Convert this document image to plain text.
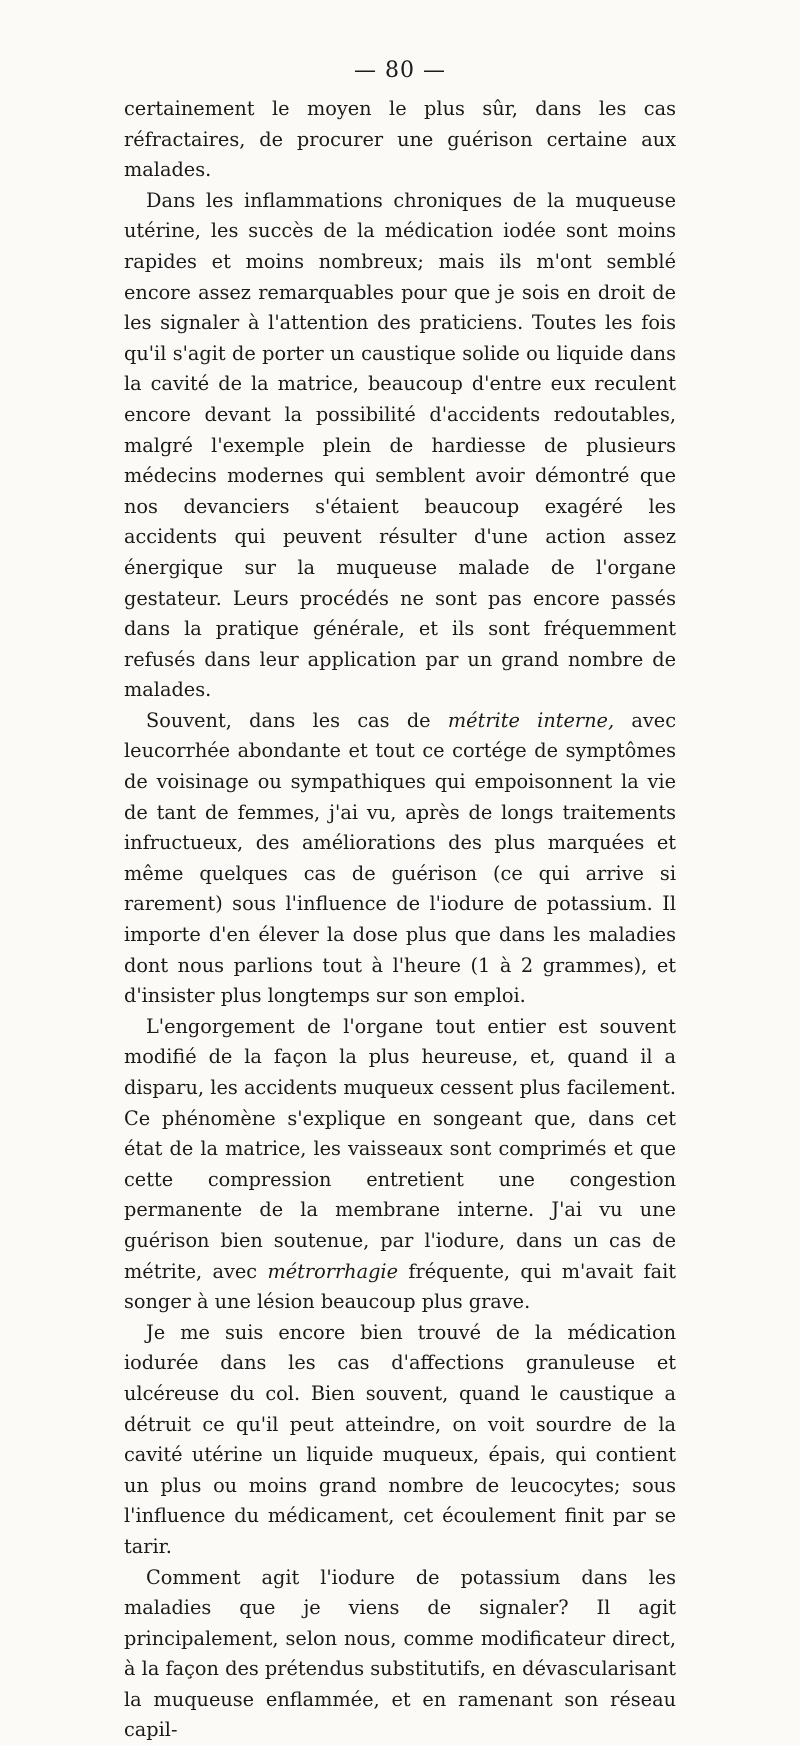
— 80 —

certainement le moyen le plus sûr, dans les cas réfractaires, de procurer une guérison certaine aux malades.

Dans les inflammations chroniques de la muqueuse utérine, les succès de la médication iodée sont moins rapides et moins nombreux; mais ils m'ont semblé encore assez remarquables pour que je sois en droit de les signaler à l'attention des praticiens. Toutes les fois qu'il s'agit de porter un caustique solide ou liquide dans la cavité de la matrice, beaucoup d'entre eux reculent encore devant la possibilité d'accidents redoutables, malgré l'exemple plein de hardiesse de plusieurs médecins modernes qui semblent avoir démontré que nos devanciers s'étaient beaucoup exagéré les accidents qui peuvent résulter d'une action assez énergique sur la muqueuse malade de l'organe gestateur. Leurs procédés ne sont pas encore passés dans la pratique générale, et ils sont fréquemment refusés dans leur application par un grand nombre de malades.

Souvent, dans les cas de métrite interne, avec leucorrhée abondante et tout ce cortége de symptômes de voisinage ou sympathiques qui empoisonnent la vie de tant de femmes, j'ai vu, après de longs traitements infructueux, des améliorations des plus marquées et même quelques cas de guérison (ce qui arrive si rarement) sous l'influence de l'iodure de potassium. Il importe d'en élever la dose plus que dans les maladies dont nous parlions tout à l'heure (1 à 2 grammes), et d'insister plus longtemps sur son emploi.

L'engorgement de l'organe tout entier est souvent modifié de la façon la plus heureuse, et, quand il a disparu, les accidents muqueux cessent plus facilement. Ce phénomène s'explique en songeant que, dans cet état de la matrice, les vaisseaux sont comprimés et que cette compression entretient une congestion permanente de la membrane interne. J'ai vu une guérison bien soutenue, par l'iodure, dans un cas de métrite, avec métrorrhagie fréquente, qui m'avait fait songer à une lésion beaucoup plus grave.

Je me suis encore bien trouvé de la médication iodurée dans les cas d'affections granuleuse et ulcéreuse du col. Bien souvent, quand le caustique a détruit ce qu'il peut atteindre, on voit sourdre de la cavité utérine un liquide muqueux, épais, qui contient un plus ou moins grand nombre de leucocytes; sous l'influence du médicament, cet écoulement finit par se tarir.

Comment agit l'iodure de potassium dans les maladies que je viens de signaler? Il agit principalement, selon nous, comme modificateur direct, à la façon des prétendus substitutifs, en dévascularisant la muqueuse enflammée, et en ramenant son réseau capil-
